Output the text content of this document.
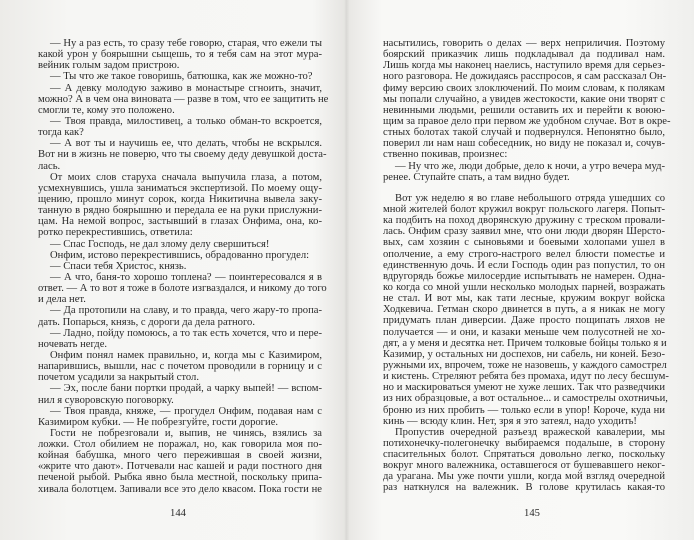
— Ну а раз есть, то сразу тебе говорю, старая, что ежели ты
какой урон у боярышни сыщешь, то я тебя сам на этот мура-
вейник голым задом пристрою.
— Ты что же такое говоришь, батюшка, как же можно-то?
— А девку молодую заживо в монастыре сгноить, значит,
можно? А в чем она виновата — разве в том, что ее защитить не
смогли те, кому это положено.
— Твоя правда, милостивец, а только обман-то вскроется,
тогда как?
— А вот ты и научишь ее, что делать, чтобы не вскрылся.
Вот ни в жизнь не поверю, что ты своему деду девушкой доста-
лась.
От моих слов старуха сначала выпучила глаза, а потом,
усмехнувшись, ушла заниматься экспертизой. По моему ощу-
щению, прошло минут сорок, когда Никитична вывела заку-
танную в рядно боярышню и передала ее на руки прислужни-
цам. На немой вопрос, застывший в глазах Онфима, она, ко-
ротко перекрестившись, ответила:
— Спас Господь, не дал злому делу свершиться!
Онфим, истово перекрестившись, обрадованно прогудел:
— Спаси тебя Христос, князь.
— А что, баня-то хорошо топлена? — поинтересовался я в
ответ. — А то вот я тоже в болоте изгваздался, и никому до того
и дела нет.
— Да протопили на славу, и то правда, чего жару-то пропа-
дать. Попарься, князь, с дороги да дела ратного.
— Ладно, пойду помоюсь, а то так есть хочется, что и пере-
ночевать негде.
Онфим понял намек правильно, и, когда мы с Казимиром,
напарившись, вышли, нас с почетом проводили в горницу и с
почетом усадили за накрытый стол.
— Эх, после бани портки продай, а чарку выпей! — вспом-
нил я суворовскую поговорку.
— Твоя правда, княже, — прогудел Онфим, подавая нам с
Казимиром кубки. — Не побрезгуйте, гости дорогие.
Гости не побрезговали и, выпив, не чинясь, взялись за
ложки. Стол обилием не поражал, но, как говорила моя по-
койная бабушка, много чего пережившая в своей жизни,
«жрите что дают». Потчевали нас кашей и ради постного дня
печеной рыбой. Рыбка явно была местной, поскольку припа-
хивала болотцем. Запивали все это дело квасом. Пока гости не
насытились, говорить о делах — верх неприличия. Поэтому
боярский приказчик лишь подкладывал да подливал нам.
Лишь когда мы наконец наелись, наступило время для серьез-
ного разговора. Не дожидаясь расспросов, я сам рассказал Он-
фиму версию своих злоключений. По моим словам, к полякам
мы попали случайно, а увидев жестокости, какие они творят с
невинными людьми, решили оставить их и перейти к воюю-
щим за правое дело при первом же удобном случае. Вот в окре-
стных болотах такой случай и подвернулся. Непонятно было,
поверил ли нам наш собеседник, но виду не показал и, сочув-
ственно покивав, произнес:
— Ну что же, люди добрые, дело к ночи, а утро вечера муд-
ренее. Ступайте спать, а там видно будет.
Вот уж неделю я во главе небольшого отряда ушедших со
мной жителей болот кружил вокруг польского лагеря. Попыт-
ка подбить на поход дворянскую дружину с треском провали-
лась. Онфим сразу заявил мне, что они люди дворян Шерсто-
вых, сам хозяин с сыновьями и боевыми холопами ушел в
ополчение, а ему строго-настрого велел блюсти поместье и
единственную дочь. И если Господь один раз попустил, то он
вдругорядь божье милосердие испытывать не намерен. Одна-
ко когда со мной ушли несколько молодых парней, возражать
не стал. И вот мы, как тати лесные, кружим вокруг войска
Ходкевича. Гетман скоро двинется в путь, а я никак не могу
придумать план диверсии. Даже просто пощипать ляхов не
получается — и они, и казаки меньше чем полусотней не хо-
дят, а у меня и десятка нет. Причем толковые бойцы только я и
Казимир, у остальных ни доспехов, ни сабель, ни коней. Безо-
ружными их, впрочем, тоже не назовешь, у каждого самострел
и кистень. Стреляют ребята без промаха, идут по лесу бесшум-
но и маскироваться умеют не хуже леших. Так что разведчики
из них образцовые, а вот остальное... и самострелы охотничьи,
броню из них пробить — только если в упор! Короче, куда ни
кинь — всюду клин. Нет, зря я это затеял, надо уходить!
Пропустив очередной разъезд вражеской кавалерии, мы
потихонечку-полегонечку выбираемся подальше, в сторону
спасительных болот. Спрятаться довольно легко, поскольку
вокруг много валежника, оставшегося от бушевавшего неког-
да урагана. Мы уже почти ушли, когда мой взгляд очередной
раз наткнулся на валежник. В голове крутилась какая-то
144	145
